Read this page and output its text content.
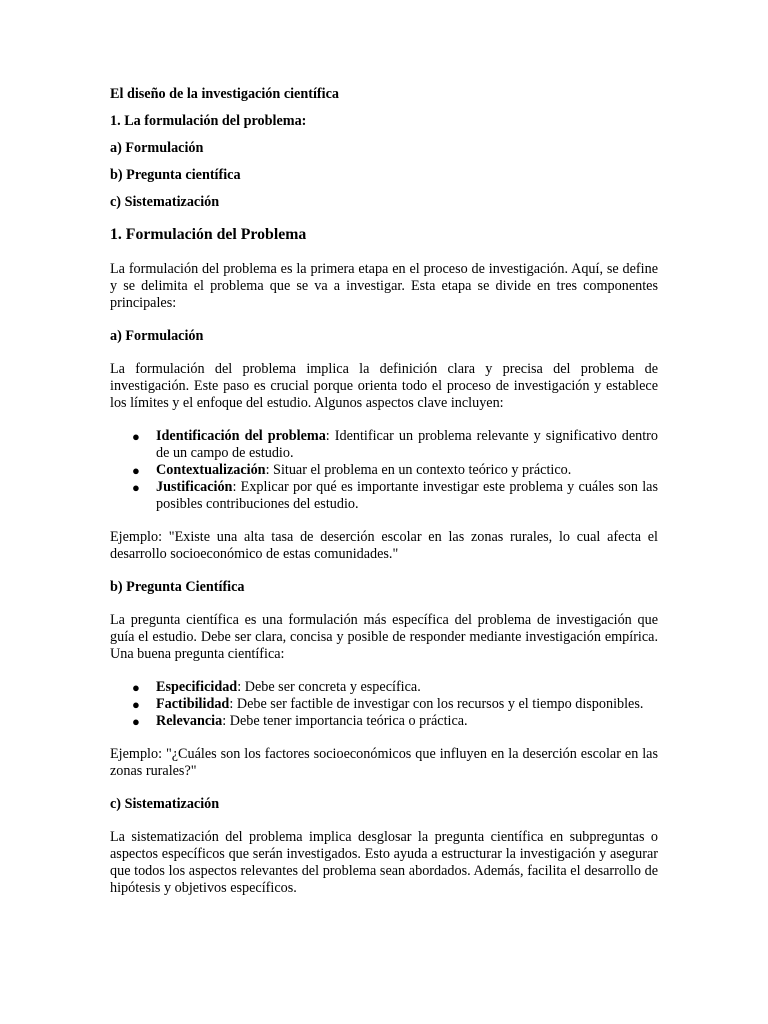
El diseño de la investigación científica
1. La formulación del problema:
a) Formulación
b) Pregunta científica
c) Sistematización
1. Formulación del Problema

La formulación del problema es la primera etapa en el proceso de investigación. Aquí, se define y se delimita el problema que se va a investigar. Esta etapa se divide en tres componentes principales:

a) Formulación

La formulación del problema implica la definición clara y precisa del problema de investigación. Este paso es crucial porque orienta todo el proceso de investigación y establece los límites y el enfoque del estudio. Algunos aspectos clave incluyen:

● Identificación del problema: Identificar un problema relevante y significativo dentro de un campo de estudio.
● Contextualización: Situar el problema en un contexto teórico y práctico.
● Justificación: Explicar por qué es importante investigar este problema y cuáles son las posibles contribuciones del estudio.

Ejemplo: "Existe una alta tasa de deserción escolar en las zonas rurales, lo cual afecta el desarrollo socioeconómico de estas comunidades."

b) Pregunta Científica

La pregunta científica es una formulación más específica del problema de investigación que guía el estudio. Debe ser clara, concisa y posible de responder mediante investigación empírica. Una buena pregunta científica:

● Especificidad: Debe ser concreta y específica.
● Factibilidad: Debe ser factible de investigar con los recursos y el tiempo disponibles.
● Relevancia: Debe tener importancia teórica o práctica.

Ejemplo: "¿Cuáles son los factores socioeconómicos que influyen en la deserción escolar en las zonas rurales?"

c) Sistematización

La sistematización del problema implica desglosar la pregunta científica en subpreguntas o aspectos específicos que serán investigados. Esto ayuda a estructurar la investigación y asegurar que todos los aspectos relevantes del problema sean abordados. Además, facilita el desarrollo de hipótesis y objetivos específicos.
